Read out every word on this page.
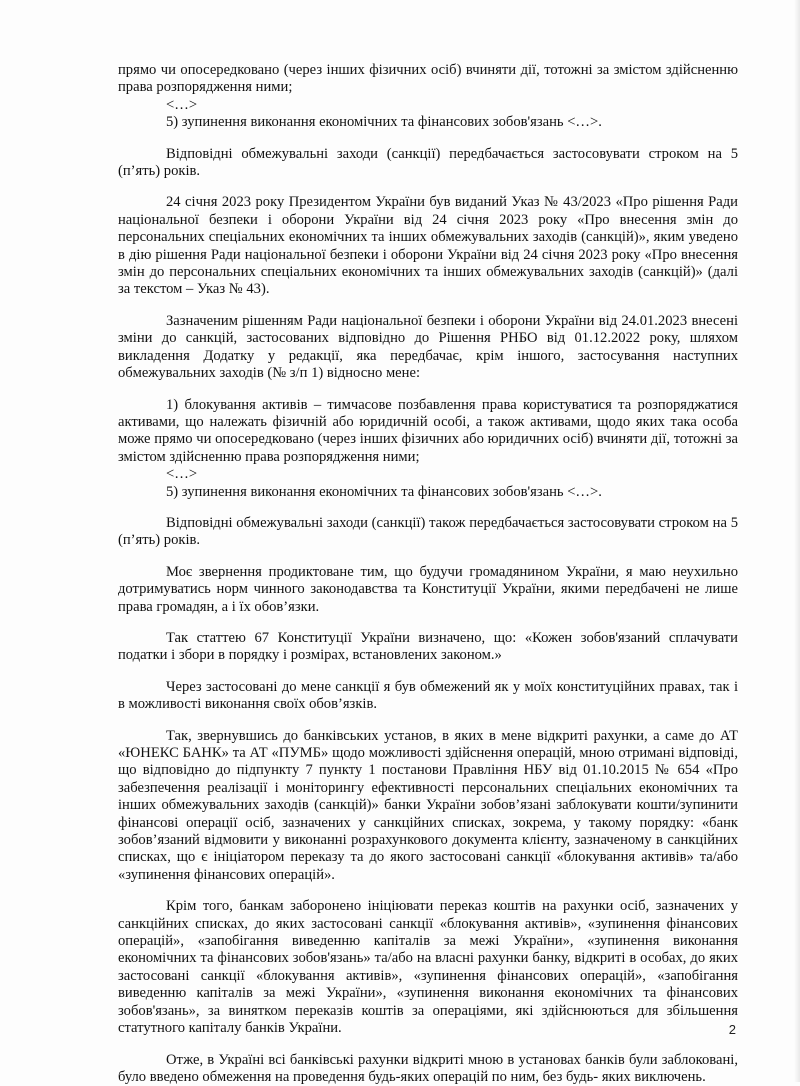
прямо чи опосередковано (через інших фізичних осіб) вчиняти дії, тотожні за змістом здійсненню права розпорядження ними;

<…>

5) зупинення виконання економічних та фінансових зобов'язань <…>.

Відповідні обмежувальні заходи (санкції) передбачається застосовувати строком на 5 (п’ять) років.

24 січня 2023 року Президентом України був виданий Указ № 43/2023 «Про рішення Ради національної безпеки і оборони України від 24 січня 2023 року «Про внесення змін до персональних спеціальних економічних та інших обмежувальних заходів (санкцій)», яким уведено в дію рішення Ради національної безпеки і оборони України від 24 січня 2023 року «Про внесення змін до персональних спеціальних економічних та інших обмежувальних заходів (санкцій)» (далі за текстом – Указ № 43).

Зазначеним рішенням Ради національної безпеки і оборони України від 24.01.2023 внесені зміни до санкцій, застосованих відповідно до Рішення РНБО від 01.12.2022 року, шляхом викладення Додатку у редакції, яка передбачає, крім іншого, застосування наступних обмежувальних заходів (№ з/п 1) відносно мене:

1) блокування активів – тимчасове позбавлення права користуватися та розпоряджатися активами, що належать фізичній або юридичній особі, а також активами, щодо яких така особа може прямо чи опосередковано (через інших фізичних або юридичних осіб) вчиняти дії, тотожні за змістом здійсненню права розпорядження ними;

<…>

5) зупинення виконання економічних та фінансових зобов'язань <…>.

Відповідні обмежувальні заходи (санкції) також передбачається застосовувати строком на 5 (п’ять) років.

Моє звернення продиктоване тим, що будучи громадянином України, я маю неухильно дотримуватись норм чинного законодавства та Конституції України, якими передбачені не лише права громадян, а і їх обов’язки.

Так статтею 67 Конституції України визначено, що: «Кожен зобов'язаний сплачувати податки і збори в порядку і розмірах, встановлених законом.»

Через застосовані до мене санкції я був обмежений як у моїх конституційних правах, так і в можливості виконання своїх обов’язків.

Так, звернувшись до банківських установ, в яких в мене відкриті рахунки, а саме до АТ «ЮНЕКС БАНК» та АТ «ПУМБ» щодо можливості здійснення операцій, мною отримані відповіді, що відповідно до підпункту 7 пункту 1 постанови Правління НБУ від 01.10.2015 № 654 «Про забезпечення реалізації і моніторингу ефективності персональних спеціальних економічних та інших обмежувальних заходів (санкцій)» банки України зобов’язані заблокувати кошти/зупинити фінансові операції осіб, зазначених у санкційних списках, зокрема, у такому порядку: «банк зобов’язаний відмовити у виконанні розрахункового документа клієнту, зазначеному в санкційних списках, що є ініціатором переказу та до якого застосовані санкції «блокування активів» та/або «зупинення фінансових операцій».

Крім того, банкам заборонено ініціювати переказ коштів на рахунки осіб, зазначених у санкційних списках, до яких застосовані санкції «блокування активів», «зупинення фінансових операцій», «запобігання виведенню капіталів за межі України», «зупинення виконання економічних та фінансових зобов'язань» та/або на власні рахунки банку, відкриті в особах, до яких застосовані санкції «блокування активів», «зупинення фінансових операцій», «запобігання виведенню капіталів за межі України», «зупинення виконання економічних та фінансових зобов'язань», за винятком переказів коштів за операціями, які здійснюються для збільшення статутного капіталу банків України.

Отже, в Україні всі банківські рахунки відкриті мною в установах банків були заблоковані, було введено обмеження на проведення будь-яких операцій по ним, без будь- яких виключень.

2
